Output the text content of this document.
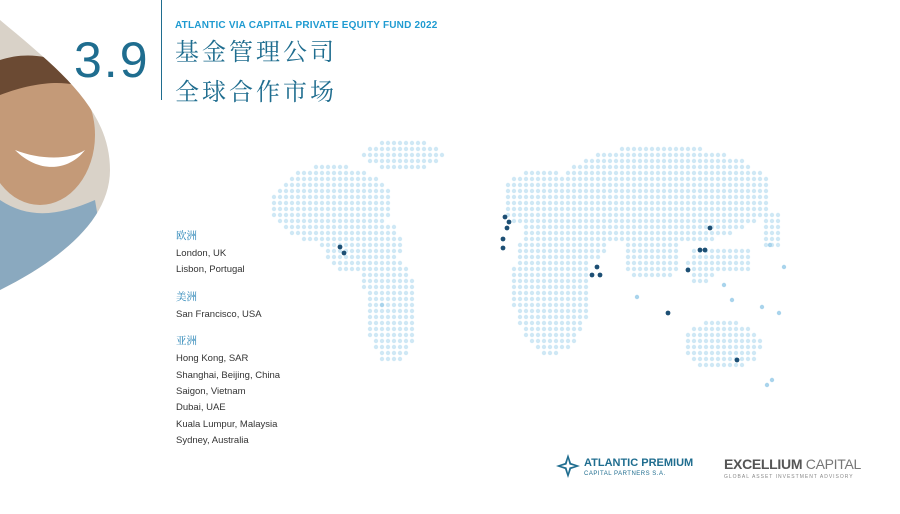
3.9
ATLANTIC VIA CAPITAL PRIVATE EQUITY FUND 2022
基金管理公司
全球合作市场
欧洲
London, UK
Lisbon, Portugal
美洲
San Francisco, USA
亚洲
Hong Kong, SAR
Shanghai, Beijing, China
Saigon, Vietnam
Dubai, UAE
Kuala Lumpur, Malaysia
Sydney, Australia
ATLANTIC PREMIUM
CAPITAL PARTNERS S.A.
EXCELLIUM CAPITAL
GLOBAL ASSET INVESTMENT ADVISORY
